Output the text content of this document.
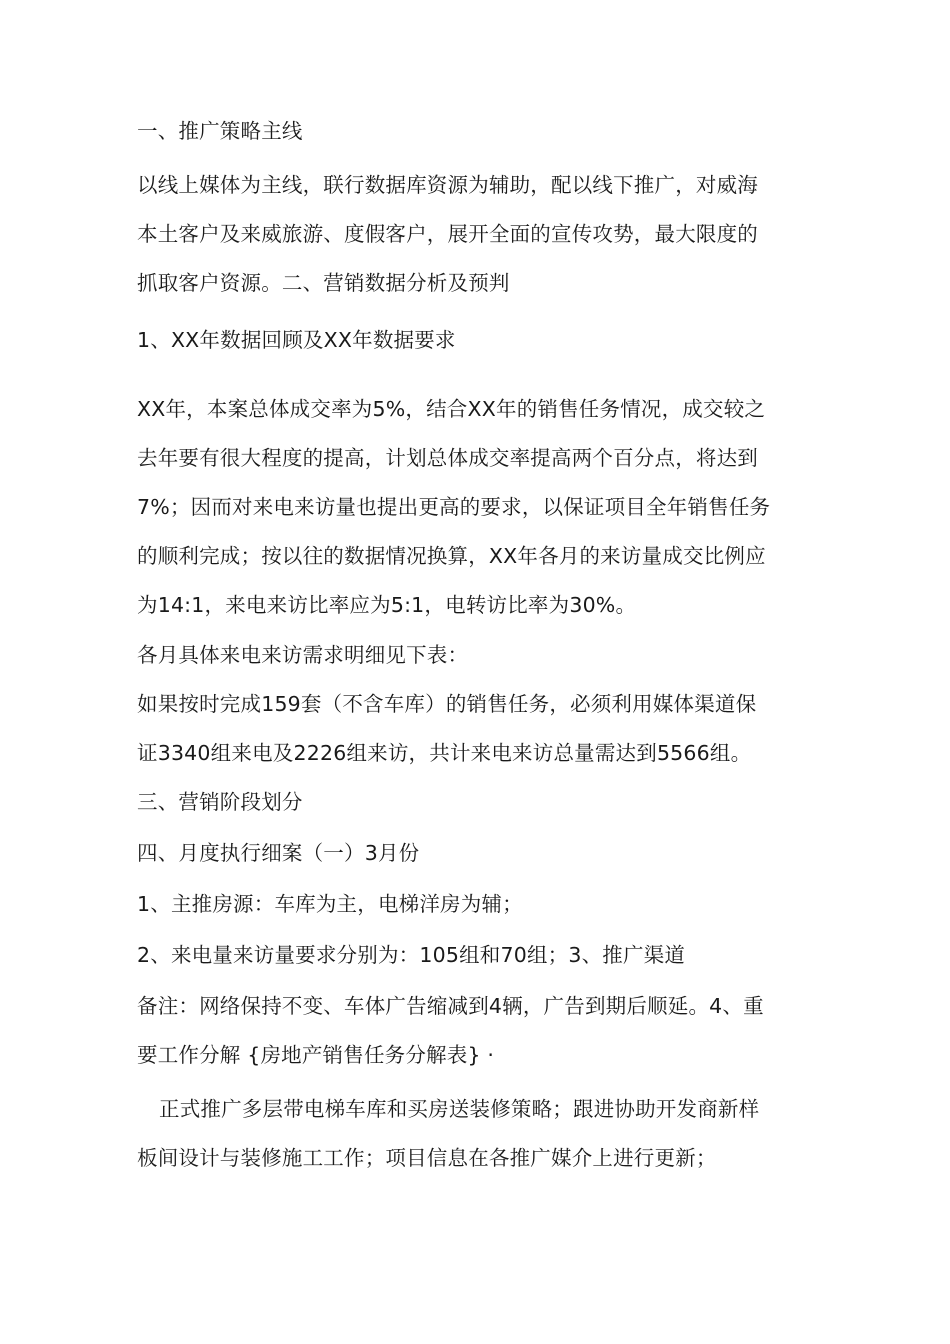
一、推广策略主线
以线上媒体为主线，联行数据库资源为辅助，配以线下推广，对威海
本土客户及来威旅游、度假客户，展开全面的宣传攻势，最大限度的
抓取客户资源。二、营销数据分析及预判
1、XX年数据回顾及XX年数据要求
XX年，本案总体成交率为5%，结合XX年的销售任务情况，成交较之
去年要有很大程度的提高，计划总体成交率提高两个百分点，将达到
7%；因而对来电来访量也提出更高的要求，以保证项目全年销售任务
的顺利完成；按以往的数据情况换算，XX年各月的来访量成交比例应
为14:1，来电来访比率应为5:1，电转访比率为30%。
各月具体来电来访需求明细见下表：
如果按时完成159套（不含车库）的销售任务，必须利用媒体渠道保
证3340组来电及2226组来访，共计来电来访总量需达到5566组。
三、营销阶段划分
四、月度执行细案（一）3月份
1、主推房源：车库为主，电梯洋房为辅；
2、来电量来访量要求分别为：105组和70组；3、推广渠道
备注：网络保持不变、车体广告缩减到4辆，广告到期后顺延。4、重
要工作分解 {房地产销售任务分解表} ·
正式推广多层带电梯车库和买房送装修策略；跟进协助开发商新样
板间设计与装修施工工作；项目信息在各推广媒介上进行更新；
